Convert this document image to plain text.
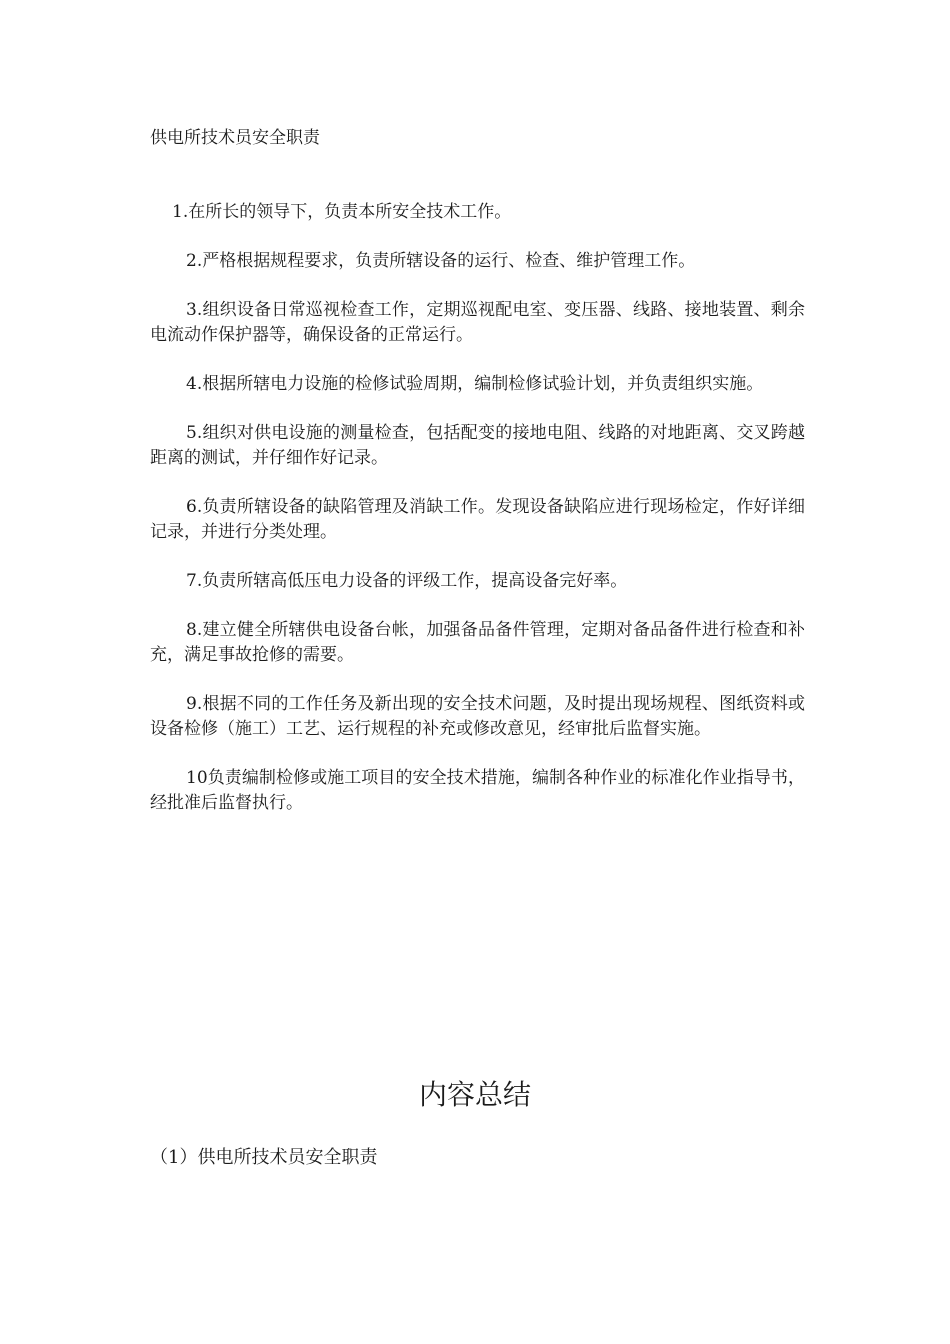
供电所技术员安全职责

1.在所长的领导下，负责本所安全技术工作。

2.严格根据规程要求，负责所辖设备的运行、检查、维护管理工作。

3.组织设备日常巡视检查工作，定期巡视配电室、变压器、线路、接地装置、剩余电流动作保护器等，确保设备的正常运行。

4.根据所辖电力设施的检修试验周期，编制检修试验计划，并负责组织实施。

5.组织对供电设施的测量检查，包括配变的接地电阻、线路的对地距离、交叉跨越距离的测试，并仔细作好记录。

6.负责所辖设备的缺陷管理及消缺工作。发现设备缺陷应进行现场检定，作好详细记录，并进行分类处理。

7.负责所辖高低压电力设备的评级工作，提高设备完好率。

8.建立健全所辖供电设备台帐，加强备品备件管理，定期对备品备件进行检查和补充，满足事故抢修的需要。

9.根据不同的工作任务及新出现的安全技术问题，及时提出现场规程、图纸资料或设备检修（施工）工艺、运行规程的补充或修改意见，经审批后监督实施。

10负责编制检修或施工项目的安全技术措施，编制各种作业的标准化作业指导书，经批准后监督执行。

内容总结

（1）供电所技术员安全职责
